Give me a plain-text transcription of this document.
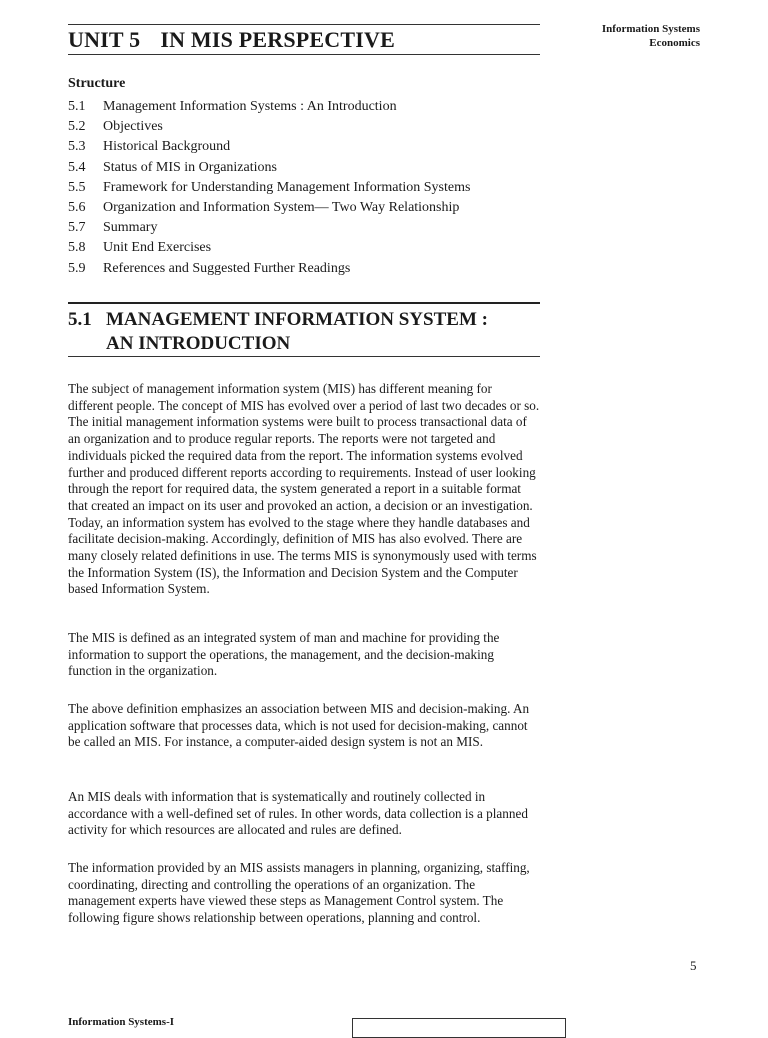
UNIT 5 IN MIS PERSPECTIVE	Information Systems
Economics
Structure
5.1 Management Information Systems : An Introduction
5.2 Objectives
5.3 Historical Background
5.4 Status of MIS in Organizations
5.5 Framework for Understanding Management Information Systems
5.6 Organization and Information System— Two Way Relationship
5.7 Summary
5.8 Unit End Exercises
5.9 References and Suggested Further Readings
5.1 MANAGEMENT INFORMATION SYSTEM :
AN INTRODUCTION

The subject of management information system (MIS) has different meaning for different people. The concept of MIS has evolved over a period of last two decades or so. The initial management information systems were built to process transactional data of an organization and to produce regular reports. The reports were not targeted and individuals picked the required data from the report. The information systems evolved further and produced different reports according to requirements. Instead of user looking through the report for required data, the system generated a report in a suitable format that created an impact on its user and provoked an action, a decision or an investigation. Today, an information system has evolved to the stage where they handle databases and facilitate decision-making. Accordingly, definition of MIS has also evolved. There are many closely related definitions in use. The terms MIS is synonymously used with terms the Information System (IS), the Information and Decision System and the Computer based Information System.

The MIS is defined as an integrated system of man and machine for providing the information to support the operations, the management, and the decision-making function in the organization.

The above definition emphasizes an association between MIS and decision-making. An application software that processes data, which is not used for decision-making, cannot be called an MIS. For instance, a computer-aided design system is not an MIS.

An MIS deals with information that is systematically and routinely collected in accordance with a well-defined set of rules. In other words, data collection is a planned activity for which resources are allocated and rules are defined.

The information provided by an MIS assists managers in planning, organizing, staffing, coordinating, directing and controlling the operations of an organization. The management experts have viewed these steps as Management Control system. The following figure shows relationship between operations, planning and control.

5
Information Systems-I
